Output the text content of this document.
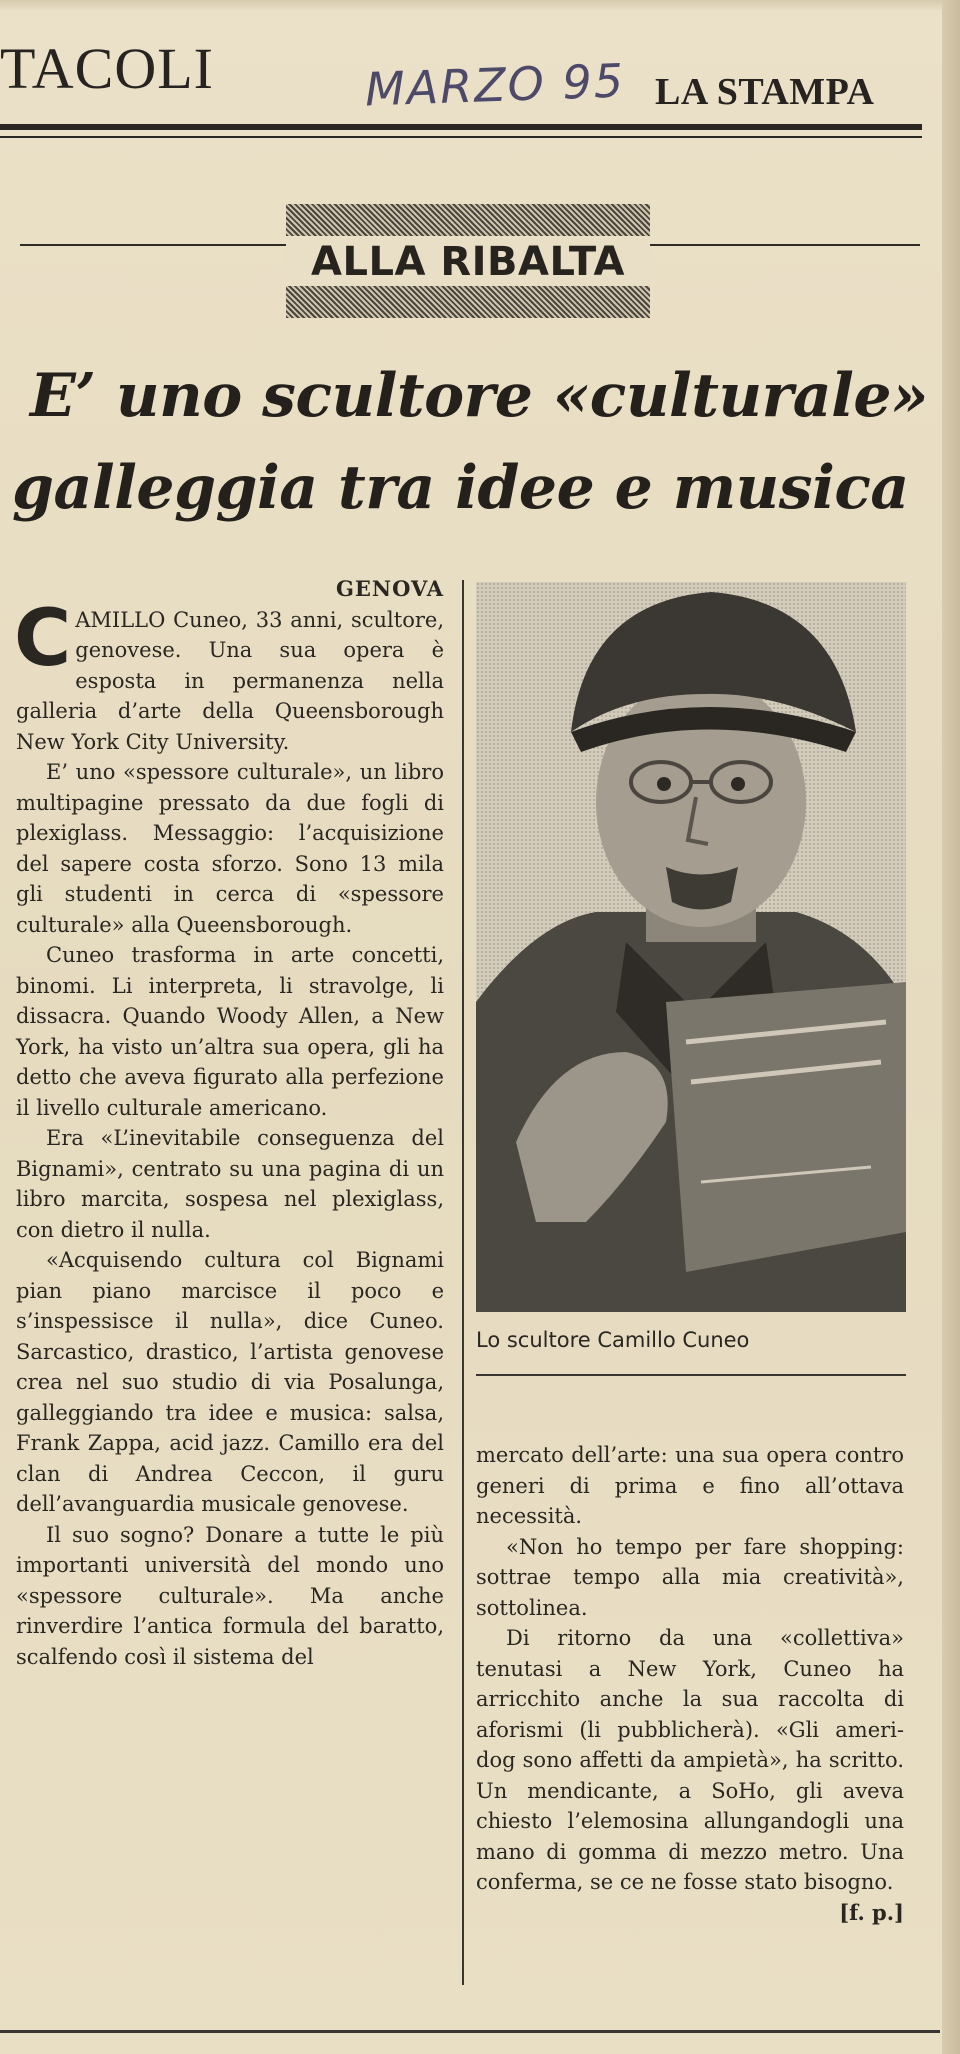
TACOLI	MARZO 95 LA STAMPA
ALLA RIBALTA
E’ uno scultore «culturale»
galleggia tra idee e musica
GENOVA

CAMILLO Cuneo, 33 anni, scultore, genovese. Una sua opera è esposta in permanenza nella galleria d’arte della Queensborough New York City University.

E’ uno «spessore culturale», un libro multipagine pressato da due fogli di plexiglass. Messaggio: l’acquisizione del sapere costa sforzo. Sono 13 mila gli studenti in cerca di «spessore culturale» alla Queensborough.

Cuneo trasforma in arte concetti, binomi. Li interpreta, li stravolge, li dissacra. Quando Woody Allen, a New York, ha visto un’altra sua opera, gli ha detto che aveva figurato alla perfezione il livello culturale americano.

Era «L’inevitabile conseguenza del Bignami», centrato su una pagina di un libro marcita, sospesa nel plexiglass, con dietro il nulla.

«Acquisendo cultura col Bignami pian piano marcisce il poco e s’inspessisce il nulla», dice Cuneo. Sarcastico, drastico, l’artista genovese crea nel suo studio di via Posalunga, galleggiando tra idee e musica: salsa, Frank Zappa, acid jazz. Camillo era del clan di Andrea Ceccon, il guru dell’avanguardia musicale genovese.

Il suo sogno? Donare a tutte le più importanti università del mondo uno «spessore culturale». Ma anche rinverdire l’antica formula del baratto, scalfendo così il sistema del

Lo scultore Camillo Cuneo

mercato dell’arte: una sua opera contro generi di prima e fino all’ottava necessità.

«Non ho tempo per fare shopping: sottrae tempo alla mia creatività», sottolinea.

Di ritorno da una «collettiva» tenutasi a New York, Cuneo ha arricchito anche la sua raccolta di aforismi (li pubblicherà). «Gli ameri-dog sono affetti da ampietà», ha scritto. Un mendicante, a SoHo, gli aveva chiesto l’elemosina allungandogli una mano di gomma di mezzo metro. Una conferma, se ce ne fosse stato bisogno.
[f. p.]
